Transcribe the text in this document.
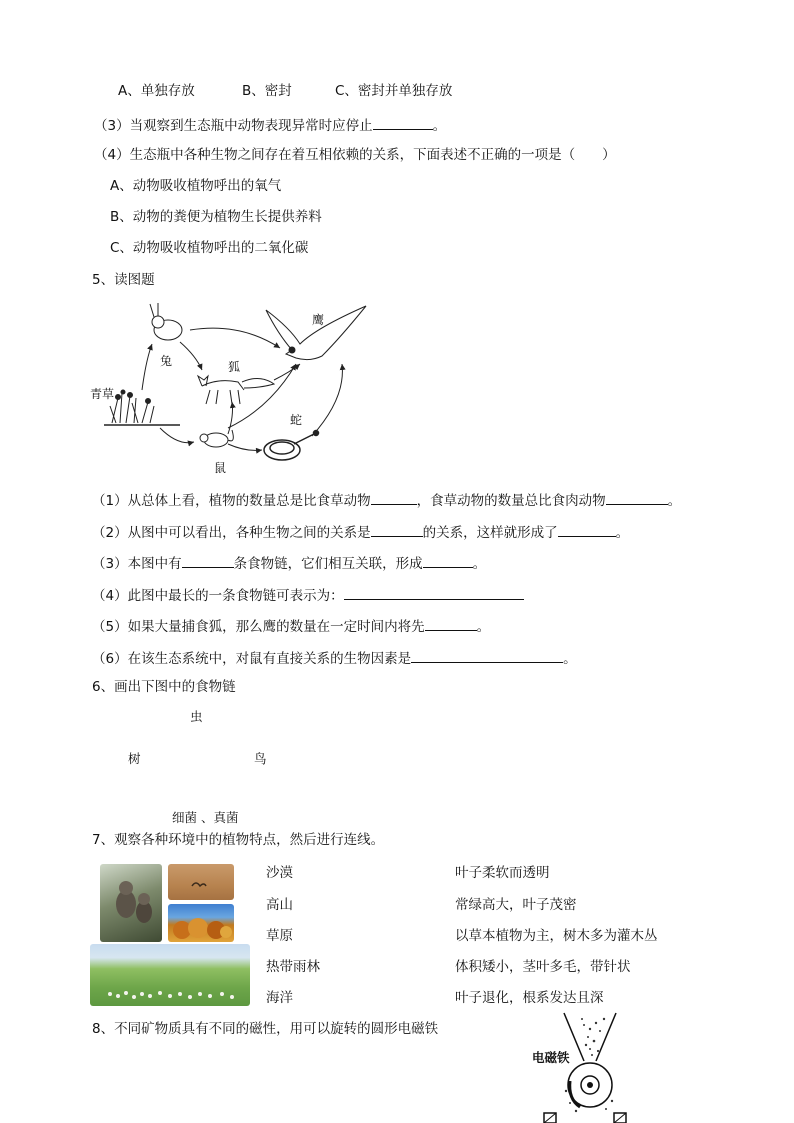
A、单独存放	B、密封	C、密封并单独存放
（3）当观察到生态瓶中动物表现异常时应停止	。
（4）生态瓶中各种生物之间存在着互相依赖的关系，下面表述不正确的一项是（　　）
A、动物吸收植物呼出的氧气
B、动物的粪便为植物生长提供养料
C、动物吸收植物呼出的二氧化碳
5、读图题
鹰
兔	狐
青草
蛇
鼠
（1）从总体上看，植物的数量总是比食草动物	，食草动物的数量总比食肉动物	。
（2）从图中可以看出，各种生物之间的关系是	的关系，这样就形成了	。
（3）本图中有	条食物链，它们相互关联，形成	。
（4）此图中最长的一条食物链可表示为：
（5）如果大量捕食狐，那么鹰的数量在一定时间内将先	。
（6）在该生态系统中，对鼠有直接关系的生物因素是	。
6、画出下图中的食物链
虫
树	鸟
细菌 、真菌
7、观察各种环境中的植物特点，然后进行连线。
沙漠
高山
草原
热带雨林
海洋
叶子柔软而透明
常绿高大，叶子茂密
以草本植物为主，树木多为灌木丛
体积矮小，茎叶多毛，带针状
叶子退化，根系发达且深
8、不同矿物质具有不同的磁性，用可以旋转的圆形电磁铁
电磁铁
